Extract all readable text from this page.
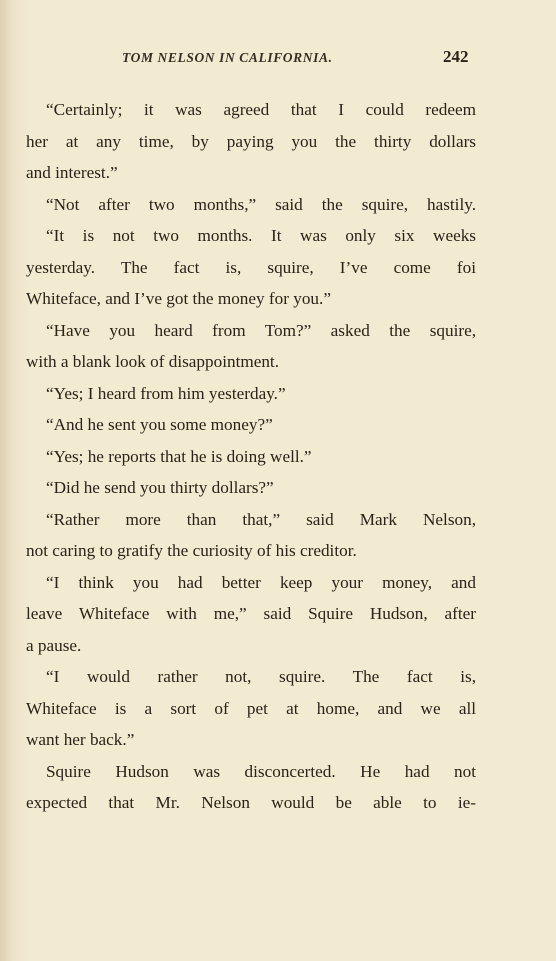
TOM NELSON IN CALIFORNIA.	242
“Certainly; it was agreed that I could redeem
her at any time, by paying you the thirty dollars
and interest.”
“Not after two months,” said the squire, hastily.
“It is not two months. It was only six weeks
yesterday. The fact is, squire, I’ve come foi
Whiteface, and I’ve got the money for you.”
“Have you heard from Tom?” asked the squire,
with a blank look of disappointment.
“Yes; I heard from him yesterday.”
“And he sent you some money?”
“Yes; he reports that he is doing well.”
“Did he send you thirty dollars?”
“Rather more than that,” said Mark Nelson,
not caring to gratify the curiosity of his creditor.
“I think you had better keep your money, and
leave Whiteface with me,” said Squire Hudson, after
a pause.
“I would rather not, squire. The fact is,
Whiteface is a sort of pet at home, and we all
want her back.”
Squire Hudson was disconcerted. He had not
expected that Mr. Nelson would be able to ie-
